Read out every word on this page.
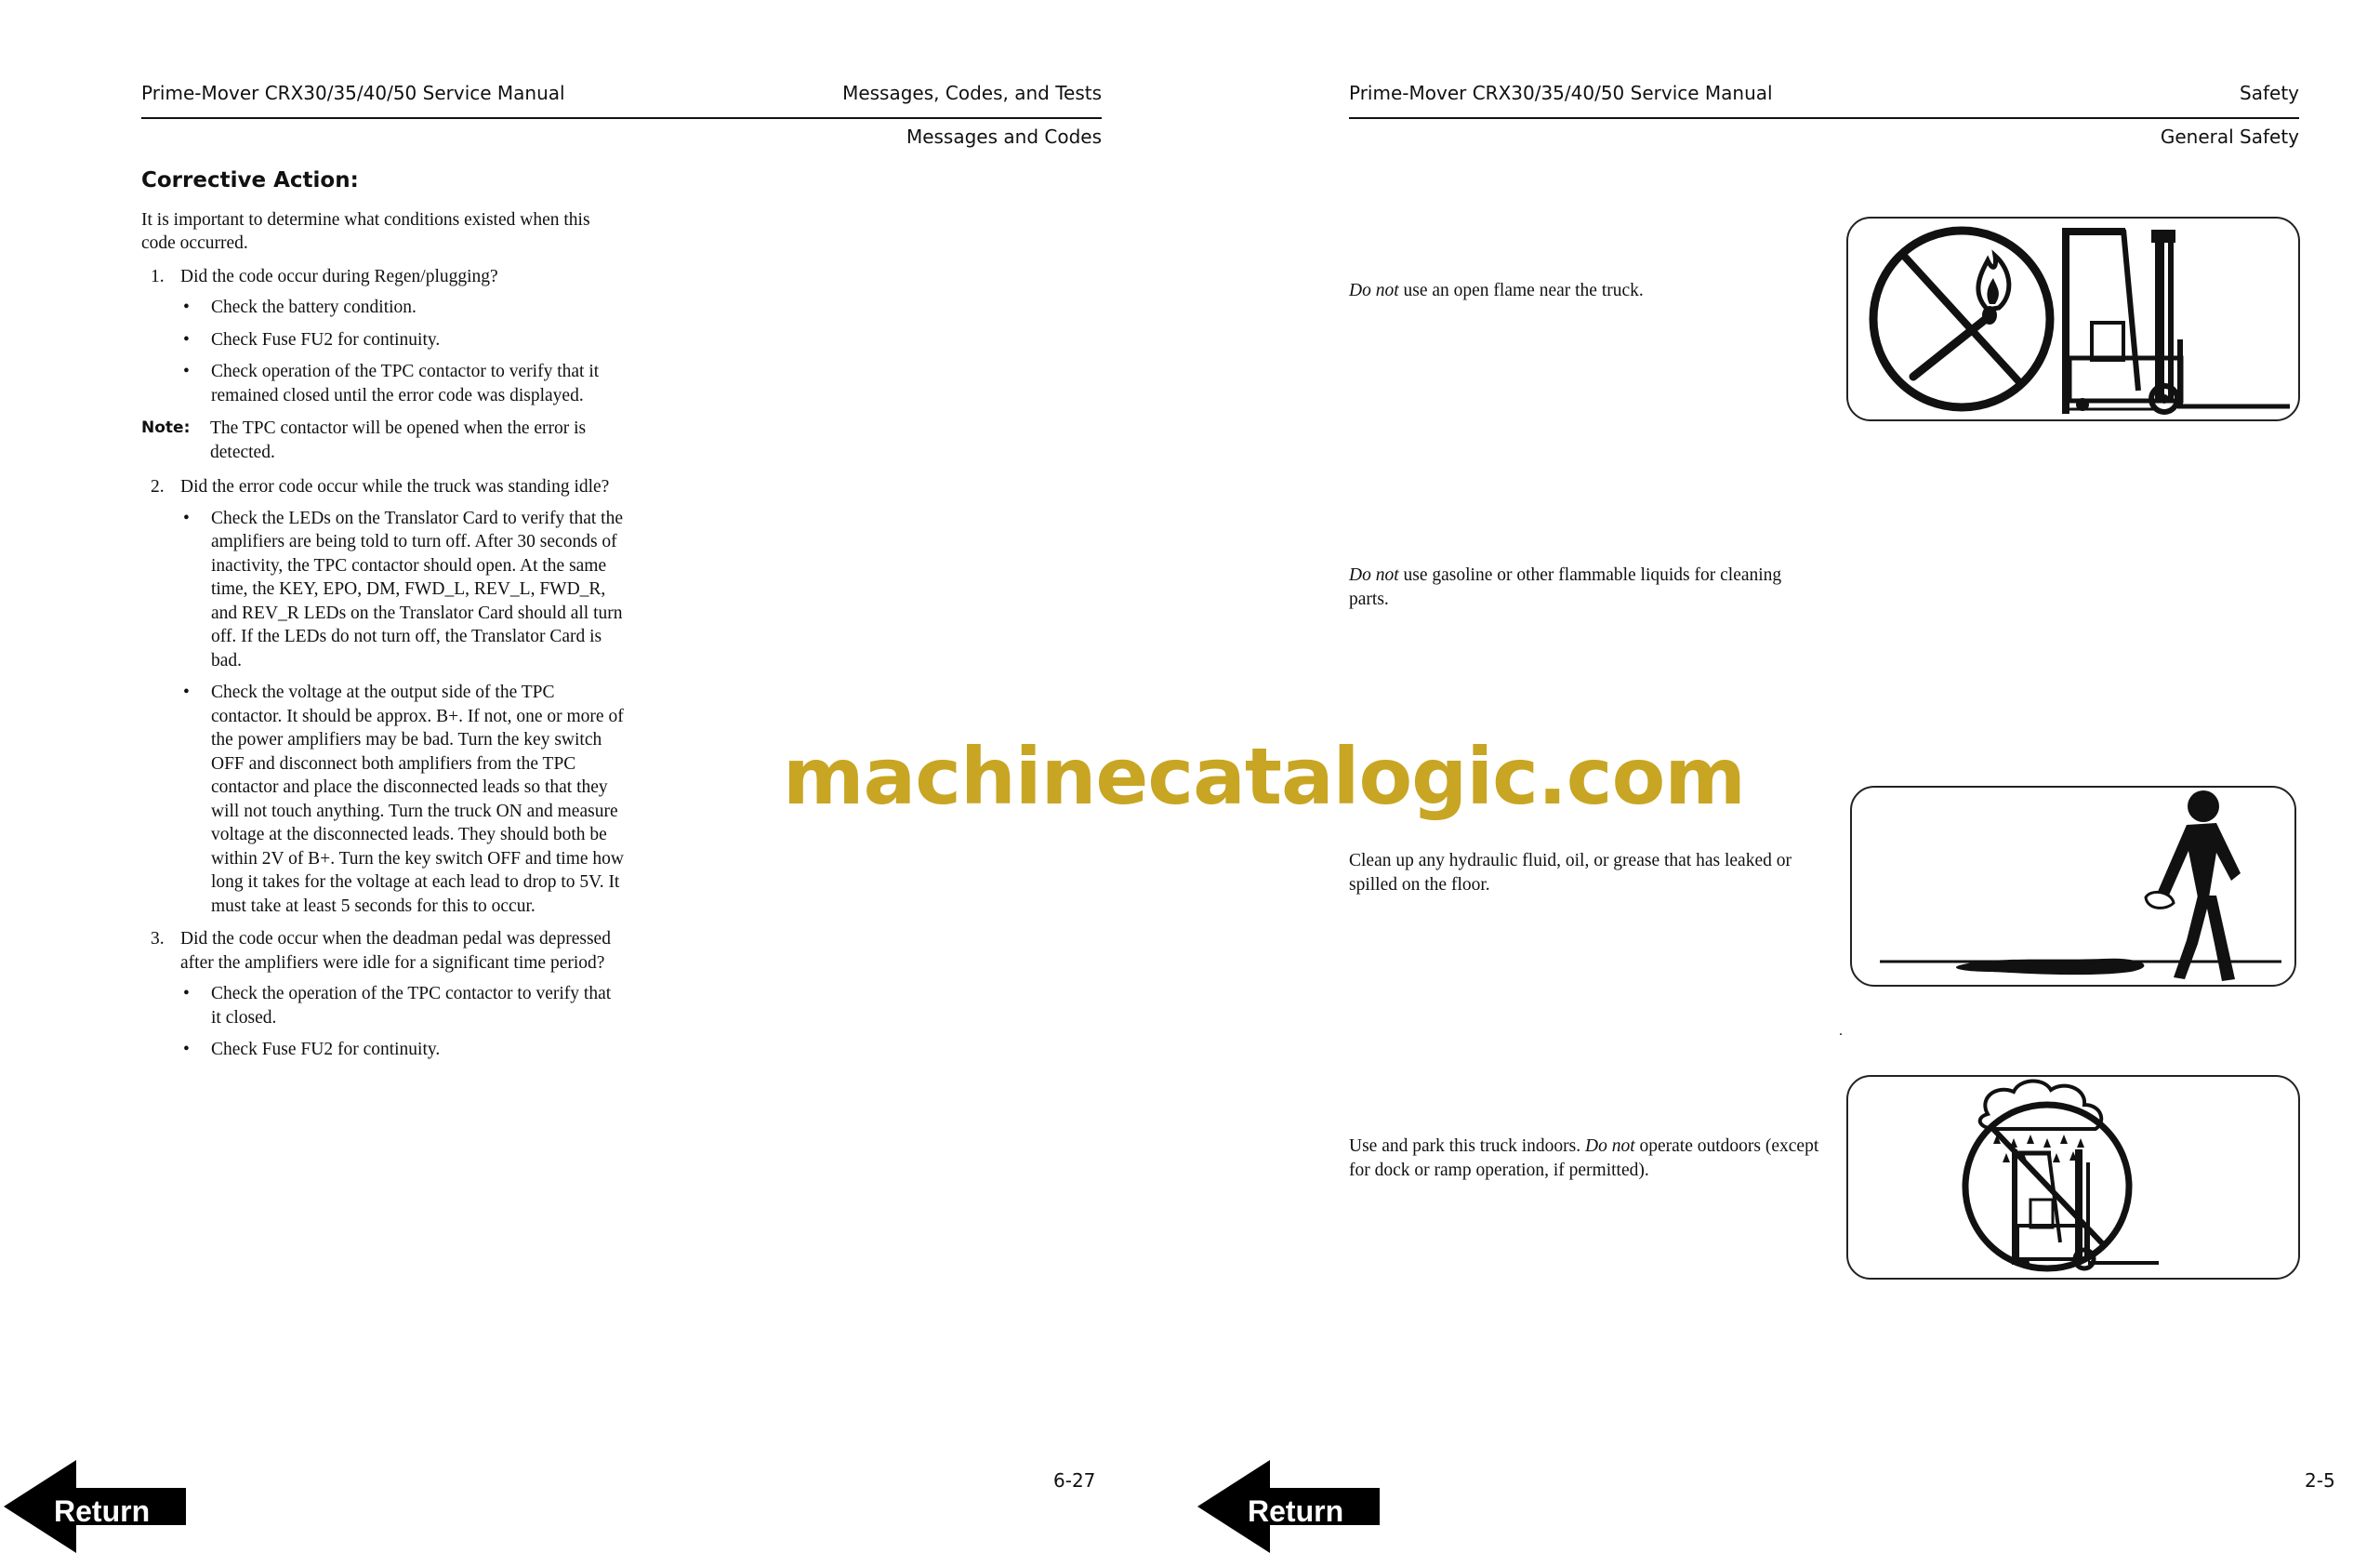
Prime-Mover CRX30/35/40/50 Service Manual	Messages, Codes, and Tests
Messages and Codes
Corrective Action:
It is important to determine what conditions existed when this code occurred.
1. Did the code occur during Regen/plugging?
• Check the battery condition.
• Check Fuse FU2 for continuity.
• Check operation of the TPC contactor to verify that it remained closed until the error code was displayed.
Note: The TPC contactor will be opened when the error is detected.
2. Did the error code occur while the truck was standing idle?
• Check the LEDs on the Translator Card to verify that the amplifiers are being told to turn off. After 30 seconds of inactivity, the TPC contactor should open. At the same time, the KEY, EPO, DM, FWD_L, REV_L, FWD_R, and REV_R LEDs on the Translator Card should all turn off. If the LEDs do not turn off, the Translator Card is bad.
• Check the voltage at the output side of the TPC contactor. It should be approx. B+. If not, one or more of the power amplifiers may be bad. Turn the key switch OFF and disconnect both amplifiers from the TPC contactor and place the disconnected leads so that they will not touch anything. Turn the truck ON and measure voltage at the disconnected leads. They should both be within 2V of B+. Turn the key switch OFF and time how long it takes for the voltage at each lead to drop to 5V. It must take at least 5 seconds for this to occur.
3. Did the code occur when the deadman pedal was depressed after the amplifiers were idle for a significant time period?
• Check the operation of the TPC contactor to verify that it closed.
• Check Fuse FU2 for continuity.
6-27
Return
Prime-Mover CRX30/35/40/50 Service Manual	Safety
General Safety
Do not use an open flame near the truck.
Do not use gasoline or other flammable liquids for cleaning parts.
Clean up any hydraulic fluid, oil, or grease that has leaked or spilled on the floor.
.
Use and park this truck indoors. Do not operate outdoors (except for dock or ramp operation, if permitted).
2-5
Return
machinecatalogic.com
